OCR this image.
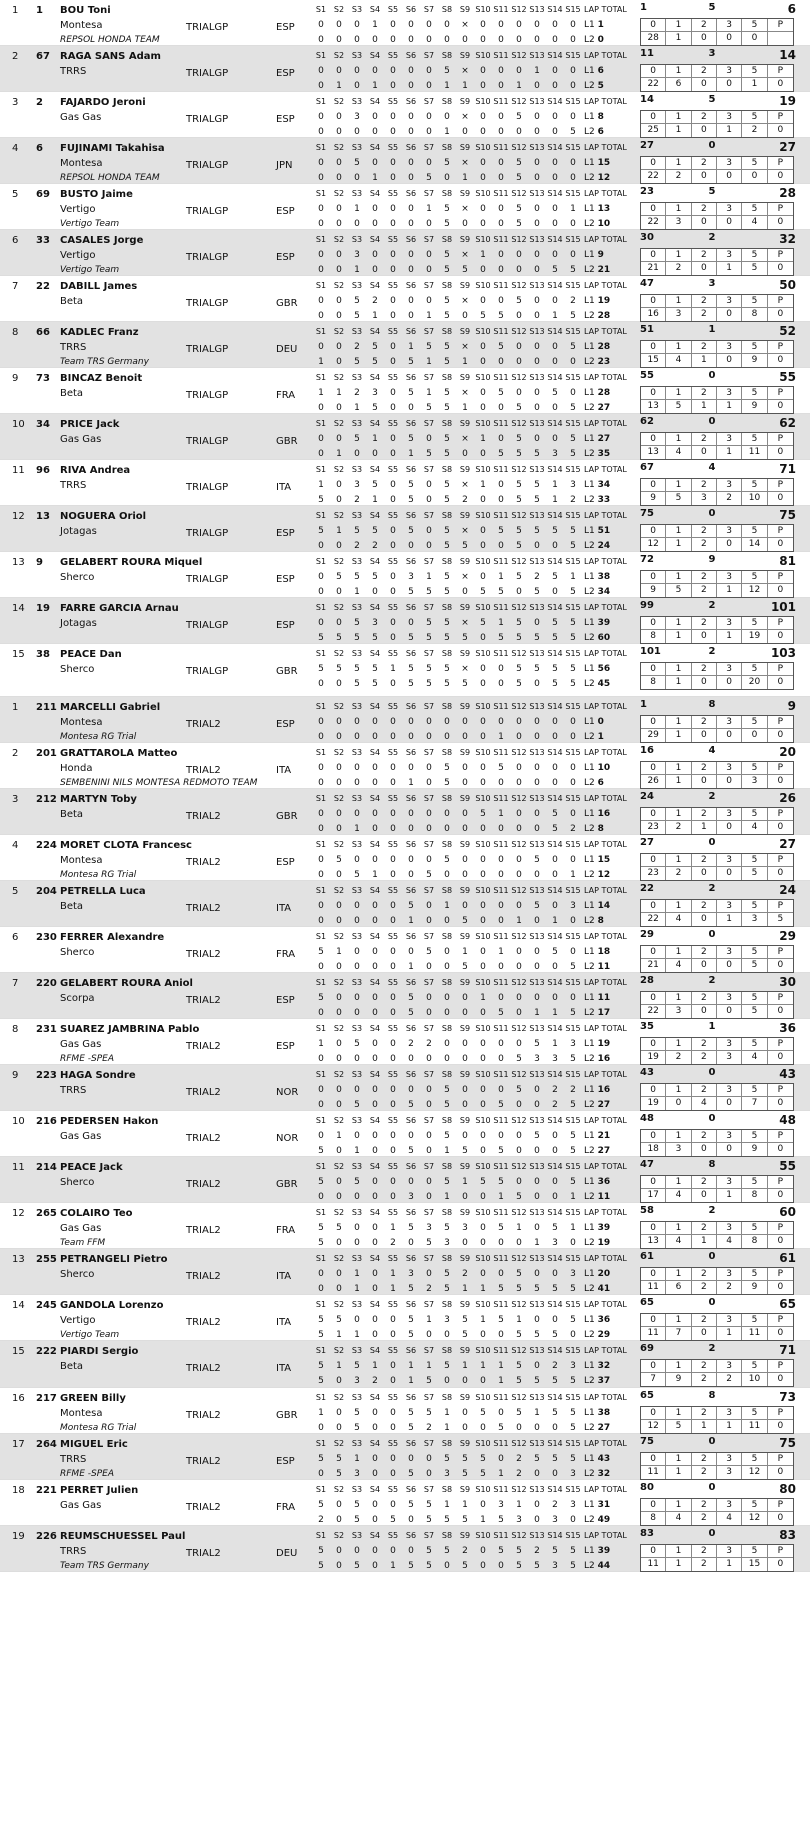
1 1	BOU Toni
Montesa
REPSOL HONDA TEAM
TRIALGP	ESP
S1 S2 S3 S4 S5 S6 S7 S8 S9 S10 S11 S12 S13 S14 S15 LAP TOTAL
0	0	0	1	0	0	0	0	×	0	0	0	0	0	0 L1 1
0	0	0	0	0	0	0	0	0	0	0	0	0	0	0 L2 0
1	5	6
0	1	2	3	5	P
28	1	0	0	0
2 67	RAGA SANS Adam
TRRS	TRIALGP	ESP
S1 S2 S3 S4 S5 S6 S7 S8 S9 S10 S11 S12 S13 S14 S15 LAP TOTAL
0	0	0	0	0	0	0	5	×	0	0	0	1	0	0 L1 6
0	1	0	1	0	0	0	1	1	0	0	1	0	0	0 L2 5
11	3	14
0	1	2	3	5	P
22	6	0	0	1	0
3 2	FAJARDO Jeroni
Gas Gas	TRIALGP	ESP
S1 S2 S3 S4 S5 S6 S7 S8 S9 S10 S11 S12 S13 S14 S15 LAP TOTAL
0	0	3	0	0	0	0	0	×	0	0	5	0	0	0 L1 8
0	0	0	0	0	0	0	1	0	0	0	0	0	0	5 L2 6
14	5	19
0	1	2	3	5	P
25	1	0	1	2	0
4 6	FUJINAMI Takahisa
Montesa
REPSOL HONDA TEAM
TRIALGP	JPN
S1 S2 S3 S4 S5 S6 S7 S8 S9 S10 S11 S12 S13 S14 S15 LAP TOTAL
0	0	5	0	0	0	0	5	×	0	0	5	0	0	0 L1 15
0	0	0	1	0	0	5	0	1	0	0	5	0	0	0 L2 12
27	0	27
0	1	2	3	5	P
22	2	0	0	0	0
5 69	BUSTO Jaime
Vertigo
Vertigo Team
TRIALGP	ESP
S1 S2 S3 S4 S5 S6 S7 S8 S9 S10 S11 S12 S13 S14 S15 LAP TOTAL
0	0	1	0	0	0	1	5	×	0	0	5	0	0	1 L1 13
0	0	0	0	0	0	0	5	0	0	0	5	0	0	0 L2 10
23	5	28
0	1	2	3	5	P
22	3	0	0	4	0
6 33	CASALES Jorge
Vertigo
Vertigo Team
TRIALGP	ESP
S1 S2 S3 S4 S5 S6 S7 S8 S9 S10 S11 S12 S13 S14 S15 LAP TOTAL
0	0	3	0	0	0	0	5	×	1	0	0	0	0	0 L1 9
0	0	1	0	0	0	0	5	5	0	0	0	0	5	5 L2 21
30	2	32
0	1	2	3	5	P
21	2	0	1	5	0
7 22	DABILL James
Beta	TRIALGP	GBR
S1 S2 S3 S4 S5 S6 S7 S8 S9 S10 S11 S12 S13 S14 S15 LAP TOTAL
0	0	5	2	0	0	0	5	×	0	0	5	0	0	2 L1 19
0	0	5	1	0	0	1	5	0	5	5	0	0	1	5 L2 28
47	3	50
0	1	2	3	5	P
16	3	2	0	8	0
8 66	KADLEC Franz
TRRS
Team TRS Germany
TRIALGP	DEU
S1 S2 S3 S4 S5 S6 S7 S8 S9 S10 S11 S12 S13 S14 S15 LAP TOTAL
0	0	2	5	0	1	5	5	×	0	5	0	0	0	5 L1 28
1	0	5	5	0	5	1	5	1	0	0	0	0	0	0 L2 23
51	1	52
0	1	2	3	5	P
15	4	1	0	9	0
9 73	BINCAZ Benoit
Beta	TRIALGP	FRA
S1 S2 S3 S4 S5 S6 S7 S8 S9 S10 S11 S12 S13 S14 S15 LAP TOTAL
1	1	2	3	0	5	1	5	×	0	5	0	0	5	0 L1 28
0	0	1	5	0	0	5	5	1	0	0	5	0	0	5 L2 27
55	0	55
0	1	2	3	5	P
13	5	1	1	9	0
10 34	PRICE Jack
Gas Gas	TRIALGP	GBR
S1 S2 S3 S4 S5 S6 S7 S8 S9 S10 S11 S12 S13 S14 S15 LAP TOTAL
0	0	5	1	0	5	0	5	×	1	0	5	0	0	5 L1 27
0	1	0	0	0	1	5	5	0	0	5	5	5	3	5 L2 35
62	0	62
0	1	2	3	5	P
13	4	0	1	11	0
11 96	RIVA Andrea
TRRS	TRIALGP	ITA
S1 S2 S3 S4 S5 S6 S7 S8 S9 S10 S11 S12 S13 S14 S15 LAP TOTAL
1	0	3	5	0	5	0	5	×	1	0	5	5	1	3 L1 34
5	0	2	1	0	5	0	5	2	0	0	5	5	1	2 L2 33
67	4	71
0	1	2	3	5	P
9	5	3	2	10	0
12 13	NOGUERA Oriol
Jotagas	TRIALGP	ESP
S1 S2 S3 S4 S5 S6 S7 S8 S9 S10 S11 S12 S13 S14 S15 LAP TOTAL
5	1	5	5	0	5	0	5	×	0	5	5	5	5	5 L1 51
0	0	2	2	0	0	0	5	5	0	0	5	0	0	5 L2 24
75	0	75
0	1	2	3	5	P
12	1	2	0	14	0
13 9	GELABERT ROURA Miquel
Sherco	TRIALGP	ESP
S1 S2 S3 S4 S5 S6 S7 S8 S9 S10 S11 S12 S13 S14 S15 LAP TOTAL
0	5	5	5	0	3	1	5	×	0	1	5	2	5	1 L1 38
0	0	1	0	0	5	5	5	0	5	5	0	5	0	5 L2 34
72	9	81
0	1	2	3	5	P
9	5	2	1	12	0
14 19	FARRE GARCIA Arnau
Jotagas	TRIALGP	ESP
S1 S2 S3 S4 S5 S6 S7 S8 S9 S10 S11 S12 S13 S14 S15 LAP TOTAL
0	0	5	3	0	0	5	5	×	5	1	5	0	5	5 L1 39
5	5	5	5	0	5	5	5	5	0	5	5	5	5	5 L2 60
99	2	101
0	1	2	3	5	P
8	1	0	1	19	0
15 38	PEACE Dan
Sherco	TRIALGP	GBR
S1 S2 S3 S4 S5 S6 S7 S8 S9 S10 S11 S12 S13 S14 S15 LAP TOTAL
5	5	5	5	1	5	5	5	×	0	0	5	5	5	5 L1 56
0	0	5	5	0	5	5	5	5	0	0	5	0	5	5 L2 45
101	2	103
0	1	2	3	5	P
8	1	0	0	20	0
1 211 MARCELLI Gabriel
Montesa
Montesa RG Trial
TRIAL2	ESP
S1 S2 S3 S4 S5 S6 S7 S8 S9 S10 S11 S12 S13 S14 S15 LAP TOTAL
0	0	0	0	0	0	0	0	0	0	0	0	0	0	0 L1 0
0	0	0	0	0	0	0	0	0	0	1	0	0	0	0 L2 1
1	8	9
0	1	2	3	5	P
29	1	0	0	0	0
2 201 GRATTAROLA Matteo
Honda
SEMBENINI NILS MONTESA REDMOTO TEAM
TRIAL2	ITA
S1 S2 S3 S4 S5 S6 S7 S8 S9 S10 S11 S12 S13 S14 S15 LAP TOTAL
0	0	0	0	0	0	0	5	0	0	5	0	0	0	0 L1 10
0	0	0	0	0	1	0	5	0	0	0	0	0	0	0 L2 6
16	4	20
0	1	2	3	5	P
26	1	0	0	3	0
3 212 MARTYN Toby
Beta	TRIAL2	GBR
S1 S2 S3 S4 S5 S6 S7 S8 S9 S10 S11 S12 S13 S14 S15 LAP TOTAL
0	0	0	0	0	0	0	0	0	5	1	0	0	5	0 L1 16
0	0	1	0	0	0	0	0	0	0	0	0	0	5	2 L2 8
24	2	26
0	1	2	3	5	P
23	2	1	0	4	0
4 224 MORET CLOTA Francesc
Montesa
Montesa RG Trial
TRIAL2	ESP
S1 S2 S3 S4 S5 S6 S7 S8 S9 S10 S11 S12 S13 S14 S15 LAP TOTAL
0	5	0	0	0	0	0	5	0	0	0	0	5	0	0 L1 15
0	0	5	1	0	0	5	0	0	0	0	0	0	0	1 L2 12
27	0	27
0	1	2	3	5	P
23	2	0	0	5	0
5 204 PETRELLA Luca
Beta	TRIAL2	ITA
S1 S2 S3 S4 S5 S6 S7 S8 S9 S10 S11 S12 S13 S14 S15 LAP TOTAL
0	0	0	0	0	5	0	1	0	0	0	0	5	0	3 L1 14
0	0	0	0	0	1	0	0	5	0	0	1	0	1	0 L2 8
22	2	24
0	1	2	3	5	P
22	4	0	1	3	5
6 230 FERRER Alexandre
Sherco	TRIAL2	FRA
S1 S2 S3 S4 S5 S6 S7 S8 S9 S10 S11 S12 S13 S14 S15 LAP TOTAL
5	1	0	0	0	0	5	0	1	0	1	0	0	5	0 L1 18
0	0	0	0	0	1	0	0	5	0	0	0	0	0	5 L2 11
29	0	29
0	1	2	3	5	P
21	4	0	0	5	0
7 220 GELABERT ROURA Aniol
Scorpa	TRIAL2	ESP
S1 S2 S3 S4 S5 S6 S7 S8 S9 S10 S11 S12 S13 S14 S15 LAP TOTAL
5	0	0	0	0	5	0	0	0	1	0	0	0	0	0 L1 11
0	0	0	0	0	5	0	0	0	0	5	0	1	1	5 L2 17
28	2	30
0	1	2	3	5	P
22	3	0	0	5	0
8 231 SUAREZ JAMBRINA Pablo
Gas Gas
RFME -SPEA
TRIAL2	ESP
S1 S2 S3 S4 S5 S6 S7 S8 S9 S10 S11 S12 S13 S14 S15 LAP TOTAL
1	0	5	0	0	2	2	0	0	0	0	0	5	1	3 L1 19
0	0	0	0	0	0	0	0	0	0	0	5	3	3	5 L2 16
35	1	36
0	1	2	3	5	P
19	2	2	3	4	0
9 223 HAGA Sondre
TRRS	TRIAL2	NOR
S1 S2 S3 S4 S5 S6 S7 S8 S9 S10 S11 S12 S13 S14 S15 LAP TOTAL
0	0	0	0	0	0	0	5	0	0	0	5	0	2	2 L1 16
0	0	5	0	0	5	0	5	0	0	5	0	0	2	5 L2 27
43	0	43
0	1	2	3	5	P
19	0	4	0	7	0
10 216 PEDERSEN Hakon
Gas Gas	TRIAL2	NOR
S1 S2 S3 S4 S5 S6 S7 S8 S9 S10 S11 S12 S13 S14 S15 LAP TOTAL
0	1	0	0	0	0	0	5	0	0	0	0	5	0	5 L1 21
5	0	1	0	0	5	0	1	5	0	5	0	0	0	5 L2 27
48	0	48
0	1	2	3	5	P
18	3	0	0	9	0
11 214 PEACE Jack
Sherco	TRIAL2	GBR
S1 S2 S3 S4 S5 S6 S7 S8 S9 S10 S11 S12 S13 S14 S15 LAP TOTAL
5	0	5	0	0	0	0	5	1	5	5	0	0	0	5 L1 36
0	0	0	0	0	3	0	1	0	0	1	5	0	0	1 L2 11
47	8	55
0	1	2	3	5	P
17	4	0	1	8	0
12 265 COLAIRO Teo
Gas Gas
Team FFM
TRIAL2	FRA
S1 S2 S3 S4 S5 S6 S7 S8 S9 S10 S11 S12 S13 S14 S15 LAP TOTAL
5	5	0	0	1	5	3	5	3	0	5	1	0	5	1 L1 39
5	0	0	0	2	0	5	3	0	0	0	0	1	3	0 L2 19
58	2	60
0	1	2	3	5	P
13	4	1	4	8	0
13 255 PETRANGELI Pietro
Sherco	TRIAL2	ITA
S1 S2 S3 S4 S5 S6 S7 S8 S9 S10 S11 S12 S13 S14 S15 LAP TOTAL
0	0	1	0	1	3	0	5	2	0	0	5	0	0	3 L1 20
0	0	1	0	1	5	2	5	1	1	5	5	5	5	5 L2 41
61	0	61
0	1	2	3	5	P
11	6	2	2	9	0
14 245 GANDOLA Lorenzo
Vertigo
Vertigo Team
TRIAL2	ITA
S1 S2 S3 S4 S5 S6 S7 S8 S9 S10 S11 S12 S13 S14 S15 LAP TOTAL
5	5	0	0	0	5	1	3	5	1	5	1	0	0	5 L1 36
5	1	1	0	0	5	0	0	5	0	0	5	5	5	0 L2 29
65	0	65
0	1	2	3	5	P
11	7	0	1	11	0
15 222 PIARDI Sergio
Beta	TRIAL2	ITA
S1 S2 S3 S4 S5 S6 S7 S8 S9 S10 S11 S12 S13 S14 S15 LAP TOTAL
5	1	5	1	0	1	1	5	1	1	1	5	0	2	3 L1 32
5	0	3	2	0	1	5	0	0	0	1	5	5	5	5 L2 37
69	2	71
0	1	2	3	5	P
7	9	2	2	10	0
16 217 GREEN Billy
Montesa
Montesa RG Trial
TRIAL2	GBR
S1 S2 S3 S4 S5 S6 S7 S8 S9 S10 S11 S12 S13 S14 S15 LAP TOTAL
1	0	5	0	0	5	5	1	0	5	0	5	1	5	5 L1 38
0	0	5	0	0	5	2	1	0	0	5	0	0	0	5 L2 27
65	8	73
0	1	2	3	5	P
12	5	1	1	11	0
17 264 MIGUEL Eric
TRRS
RFME -SPEA
TRIAL2	ESP
S1 S2 S3 S4 S5 S6 S7 S8 S9 S10 S11 S12 S13 S14 S15 LAP TOTAL
5	5	1	0	0	0	0	5	5	5	0	2	5	5	5 L1 43
0	5	3	0	0	5	0	3	5	5	1	2	0	0	3 L2 32
75	0	75
0	1	2	3	5	P
11	1	2	3	12	0
18 221 PERRET Julien
Gas Gas	TRIAL2	FRA
S1 S2 S3 S4 S5 S6 S7 S8 S9 S10 S11 S12 S13 S14 S15 LAP TOTAL
5	0	5	0	0	5	5	1	1	0	3	1	0	2	3 L1 31
2	0	5	0	5	0	5	5	5	1	5	3	0	3	0 L2 49
80	0	80
0	1	2	3	5	P
8	4	2	4	12	0
19 226 REUMSCHUESSEL Paul
TRRS
Team TRS Germany
TRIAL2	DEU
S1 S2 S3 S4 S5 S6 S7 S8 S9 S10 S11 S12 S13 S14 S15 LAP TOTAL
5	0	0	0	0	0	5	5	2	0	5	5	2	5	5 L1 39
5	0	5	0	1	5	5	0	5	0	0	5	5	3	5 L2 44
83	0	83
0	1	2	3	5	P
11	1	2	1	15	0
